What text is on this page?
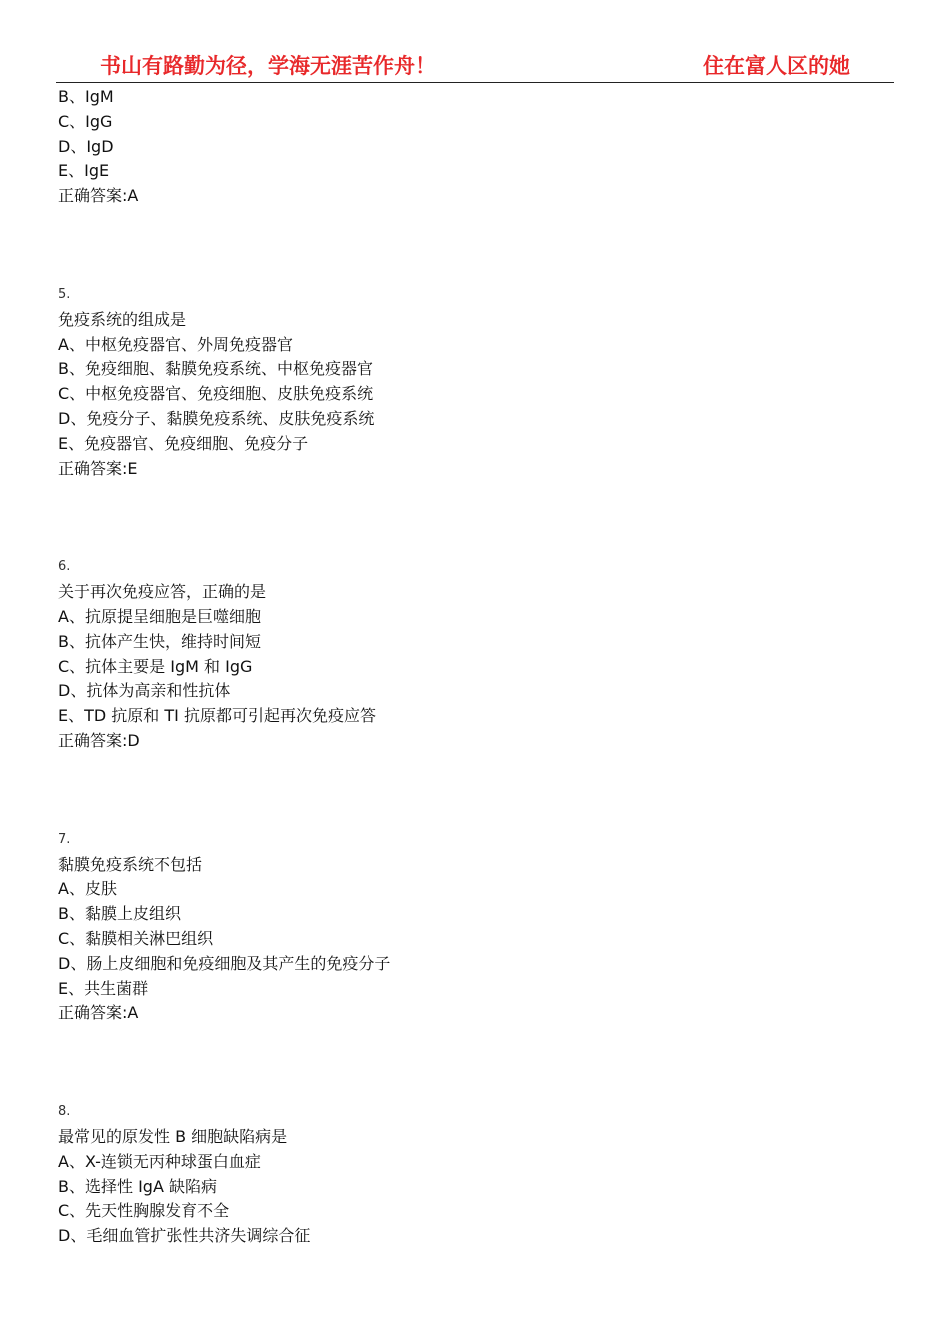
书山有路勤为径，学海无涯苦作舟！	住在富人区的她
B、IgM
C、IgG
D、IgD
E、IgE
正确答案:A
5.
免疫系统的组成是
A、中枢免疫器官、外周免疫器官
B、免疫细胞、黏膜免疫系统、中枢免疫器官
C、中枢免疫器官、免疫细胞、皮肤免疫系统
D、免疫分子、黏膜免疫系统、皮肤免疫系统
E、免疫器官、免疫细胞、免疫分子
正确答案:E
6.
关于再次免疫应答，正确的是
A、抗原提呈细胞是巨噬细胞
B、抗体产生快，维持时间短
C、抗体主要是 IgM 和 IgG
D、抗体为高亲和性抗体
E、TD 抗原和 TI 抗原都可引起再次免疫应答
正确答案:D
7.
黏膜免疫系统不包括
A、皮肤
B、黏膜上皮组织
C、黏膜相关淋巴组织
D、肠上皮细胞和免疫细胞及其产生的免疫分子
E、共生菌群
正确答案:A
8.
最常见的原发性 B 细胞缺陷病是
A、X-连锁无丙种球蛋白血症
B、选择性 IgA 缺陷病
C、先天性胸腺发育不全
D、毛细血管扩张性共济失调综合征
